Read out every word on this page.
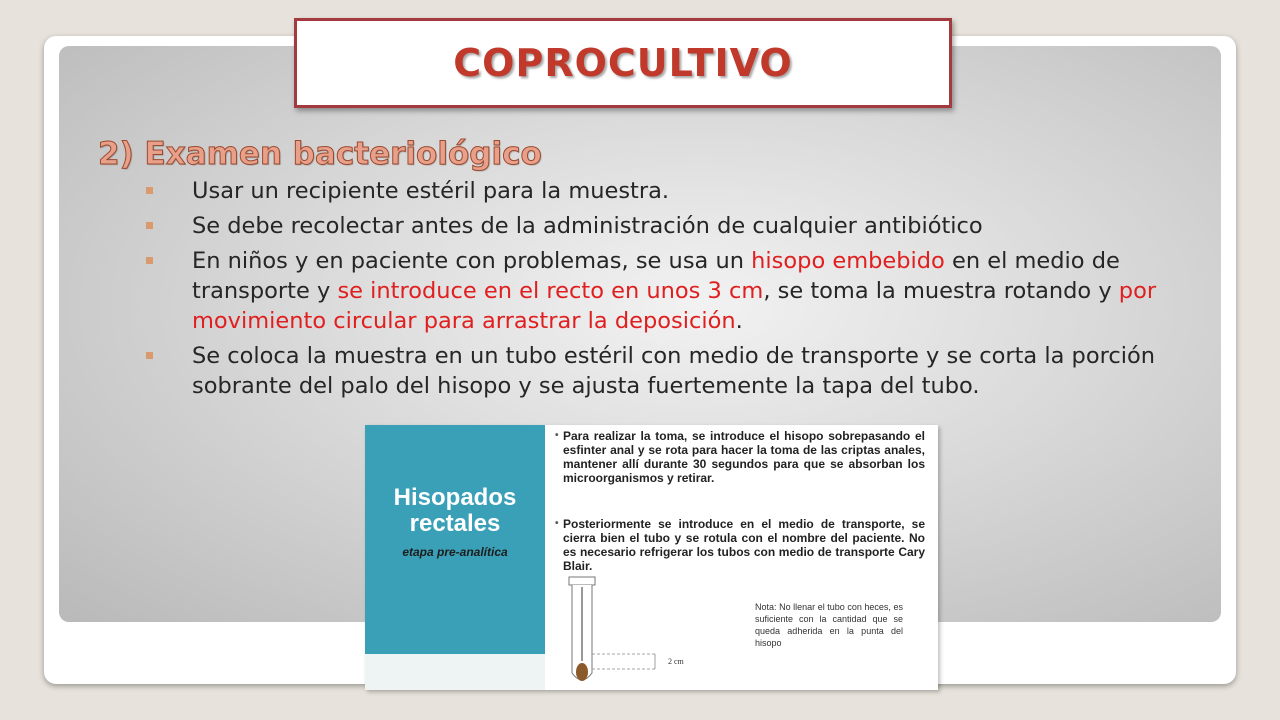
COPROCULTIVO
2) Examen bacteriológico
Usar un recipiente estéril para la muestra.
Se debe recolectar antes de la administración de cualquier antibiótico
En niños y en paciente con problemas, se usa un hisopo embebido en el medio de transporte y se introduce en el recto en unos 3 cm, se toma la muestra rotando y por movimiento circular para arrastrar la deposición.
Se coloca la muestra en un tubo estéril con medio de transporte y se corta la porción sobrante del palo del hisopo y se ajusta fuertemente la tapa del tubo.
Hisopados
rectales
etapa pre-analítica
• Para realizar la toma, se introduce el hisopo sobrepasando el esfinter anal y se rota para hacer la toma de las criptas anales, mantener allí durante 30 segundos para que se absorban los microorganismos y retirar.
• Posteriormente se introduce en el medio de transporte, se cierra bien el tubo y se rotula con el nombre del paciente. No es necesario refrigerar los tubos con medio de transporte Cary Blair.
2 cm
Nota: No llenar el tubo con heces, es suficiente con la cantidad que se queda adherida en la punta del hisopo
